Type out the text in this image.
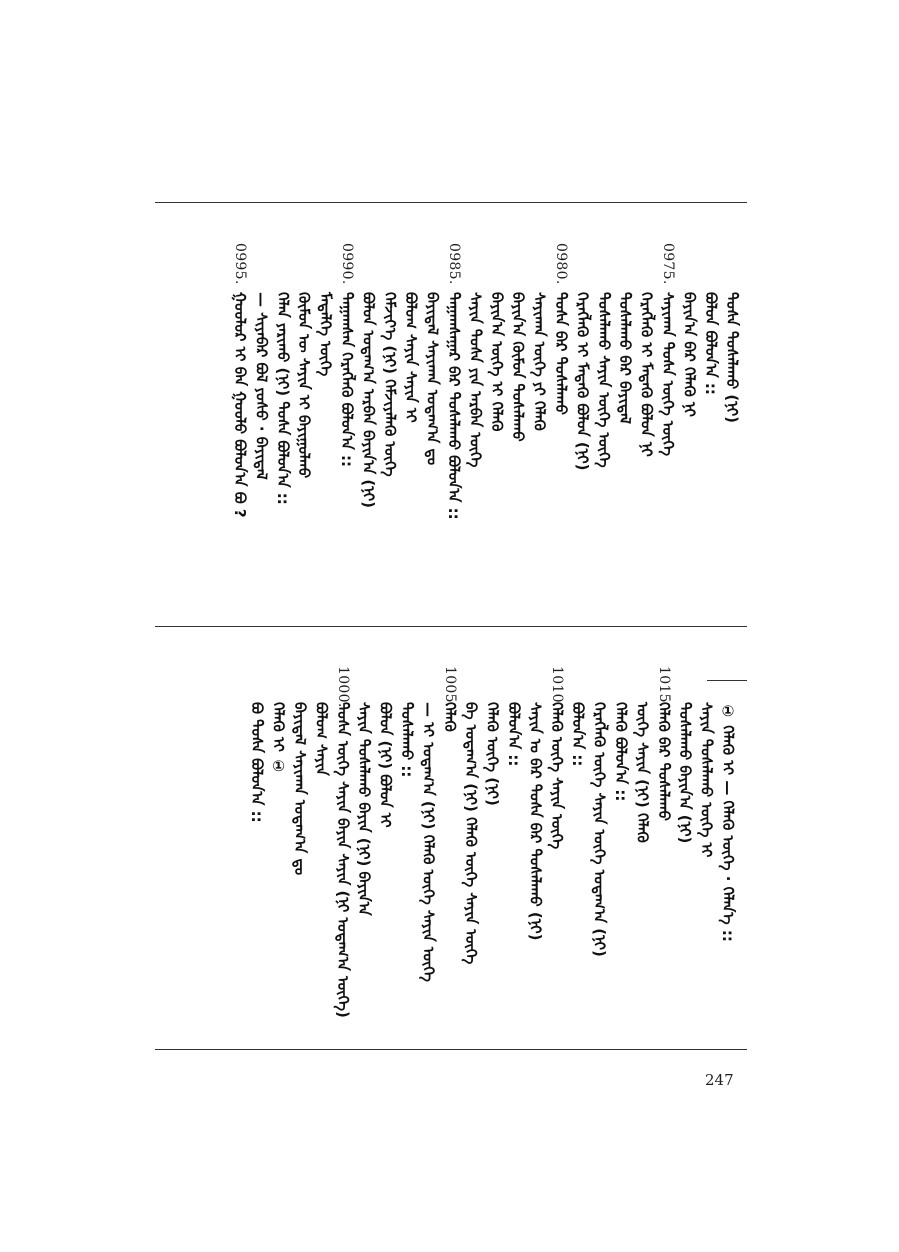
0995.
ᠭᠤᠤᠯᠤᠷ ᠢ ᠪᠠᠨ ᠭᠤᠤᠯᠤ ᠪᠤᠯᠤᠨ᠎ᠠ ᠪᠤ ? — ᠰᠢᠶᠠᠪᠠᠷ ᠪᠣᠯ ᠶᠣᠰᠤ · ᠪᠠᠶᠢᠳᠠᠯ ᠬᠡᠯᠡᠨ ᠶᠠᠷᠢᠬᠤ (ᠨᠢ) ᠲᠤᠰᠠ ᠪᠣᠯᠤᠨ᠎ᠠ :: ᠬᠦᠮᠦᠨ ᠦ ᠰᠠᠶᠢᠨ ᠢ ᠪᠠᠶᠢᠭᠤᠯᠬᠤ ᠮᠡᠳᠡᠯᠭᠡ ᠦᠭᠡ
0990.
ᠲᠠᠭᠠᠭᠰᠠᠨ ᠬᠡᠷᠡᠭᠯᠡᠬᠦ ᠪᠣᠯᠤᠨ᠎ᠠ :: ᠪᠣᠯᠤᠨ ᠤᠳᠠᠭ᠎ᠠ ᠠᠷᠪᠠᠨ ᠪᠠᠶᠢᠨ᠎ᠠ (ᠨᠢ) ᠬᠡᠮᠵᠢᠶ᠎ᠡ (ᠨᠢ) ᠬᠡᠮᠵᠢᠶᠡᠯᠡᠬᠦ ᠦᠭᠡ ᠪᠣᠯᠣᠭ ᠰᠠᠶᠢᠨ ᠰᠠᠶᠢᠨ ᠢ ᠪᠠᠶᠢᠳᠠᠯ ᠰᠠᠶᠢᠬᠠᠨ ᠤᠳᠠᠭ᠎ᠠ ᠳᠤ
0985.
ᠲᠠᠭᠠᠭᠰᠠᠭᠠᠷ ᠪᠠᠷ ᠲᠤᠰᠠᠯᠠᠬᠤ ᠪᠣᠯᠤᠨ᠎ᠠ :: ᠰᠠᠶᠢᠨ ᠲᠤᠰᠠ ᠶᠢᠨ ᠠᠷᠪᠠᠨ ᠦᠭᠡ ᠪᠠᠶᠢᠨ᠎ᠠ ᠦᠭᠡ ᠢ ᠬᠡᠯᠡᠬᠦ ᠪᠠᠶᠢᠨ᠎ᠠ ᠬᠦᠮᠦᠨ ᠲᠤᠰᠠᠯᠠᠬᠤ ᠰᠠᠶᠢᠬᠠᠨ ᠦᠭᠡ ᠶᠢ ᠬᠡᠯᠡᠬᠦ
0980.
ᠲᠤᠰᠠ ᠪᠠᠷ ᠲᠤᠰᠠᠯᠠᠬᠤ ᠬᠡᠷᠡᠭᠯᠡᠬᠦ ᠢ ᠮᠡᠳᠡᠬᠦ ᠪᠣᠯᠣᠨ (ᠨᠢ) ᠲᠤᠰᠠᠯᠠᠬᠤ ᠰᠠᠶᠢᠨ ᠦᠭᠡ ᠦᠭᠡ ᠲᠤᠰᠠᠯᠠᠬᠤ ᠪᠠᠷ ᠪᠠᠶᠢᠳᠠᠯ ᠬᠡᠷᠡᠭᠯᠡᠬᠦ ᠢ ᠮᠡᠳᠡᠬᠦ ᠪᠣᠯᠣᠨ ᠨᠢ
0975.
ᠰᠠᠶᠢᠬᠠᠨ ᠲᠤᠰᠠ ᠦᠭᠡ ᠦᠭᠡ ᠪᠠᠶᠢᠨ᠎ᠠ ᠪᠠᠷ ᠬᠡᠯᠡᠬᠦ ᠨᠢ ᠪᠣᠯᠣᠨ ᠪᠣᠯᠤᠨ᠎ᠠ :: ᠲᠤᠰᠠ ᠲᠤᠰᠠᠯᠠᠬᠤ (ᠨᠢ)
① ᠬᠡᠯᠡᠬᠦ ᠢ — ᠬᠡᠯᠡᠬᠦ ᠦᠭᠡ · ᠬᠡᠯᠡᠨ᠎ᠡ ::
ᠰᠠᠶᠢᠨ ᠲᠤᠰᠠᠯᠠᠬᠤ ᠦᠭᠡ ᠢ
ᠲᠤᠰᠠᠯᠠᠬᠤ ᠪᠠᠶᠢᠨ᠎ᠠ (ᠨᠢ)
1015.
ᠬᠡᠯᠡᠬᠦ ᠪᠠᠷ ᠲᠤᠰᠠᠯᠠᠬᠤ
ᠦᠭᠡ ᠰᠠᠶᠢᠨ (ᠨᠢ) ᠬᠡᠯᠡᠬᠦ
ᠬᠡᠯᠡᠬᠦ ᠪᠣᠯᠤᠨ᠎ᠠ ::
ᠬᠡᠷᠡᠭᠯᠡᠬᠦ ᠦᠭᠡ ᠰᠠᠶᠢᠨ ᠦᠭᠡ ᠤᠳᠠᠭ᠎ᠠ (ᠨᠢ)
ᠪᠣᠯᠤᠨ᠎ᠠ ::
1010.
ᠬᠡᠯᠡᠬᠦ ᠦᠭᠡ ᠰᠠᠶᠢᠨ ᠦᠭᠡ
ᠰᠠᠶᠢᠨ ᠤ ᠪᠠᠷ ᠲᠤᠰᠠ ᠪᠠᠷ ᠲᠤᠰᠠᠯᠠᠬᠤ (ᠨᠢ)
ᠪᠣᠯᠤᠨ᠎ᠠ ::
ᠬᠡᠯᠡᠬᠦ ᠦᠭᠡ (ᠨᠢ)
ᠪᠠ ᠤᠳᠠᠭ᠎ᠠ (ᠨᠢ) ᠬᠡᠯᠡᠬᠦ ᠦᠭᠡ ᠰᠠᠶᠢᠨ ᠦᠭᠡ
1005.
ᠬᠡᠯᠡᠬᠦ
— ᠢ ᠤᠳᠠᠭ᠎ᠠ (ᠨᠢ) ᠬᠡᠯᠡᠬᠦ ᠦᠭᠡ ᠰᠠᠶᠢᠨ ᠦᠭᠡ
ᠲᠤᠰᠠᠯᠠᠬᠤ ::
ᠪᠣᠯᠤᠨ (ᠨᠢ) ᠪᠣᠯᠣᠨ ᠢ
ᠰᠠᠶᠢᠨ ᠲᠤᠰᠠᠯᠠᠬᠤ ᠪᠠᠶᠢᠨ (ᠨᠢ) ᠪᠠᠶᠢᠨ᠎ᠠ
1000.
ᠲᠤᠰᠠ ᠦᠭᠡ ᠰᠠᠶᠢᠨ ᠪᠠᠶᠢᠨ ᠰᠠᠶᠢᠨ (ᠨᠢ ᠤᠳᠠᠭ᠎ᠠ ᠦᠭᠡ)
ᠪᠣᠯᠣᠭ ᠰᠠᠶᠢᠨ
ᠪᠠᠶᠢᠳᠠᠯ ᠰᠠᠶᠢᠬᠠᠨ ᠤᠳᠠᠭ᠎ᠠ ᠳᠤ
ᠬᠡᠯᠡᠬᠦ ᠢ ①
ᠪᠣ ᠲᠤᠰᠠ ᠪᠣᠯᠤᠨ᠎ᠠ ::
247
